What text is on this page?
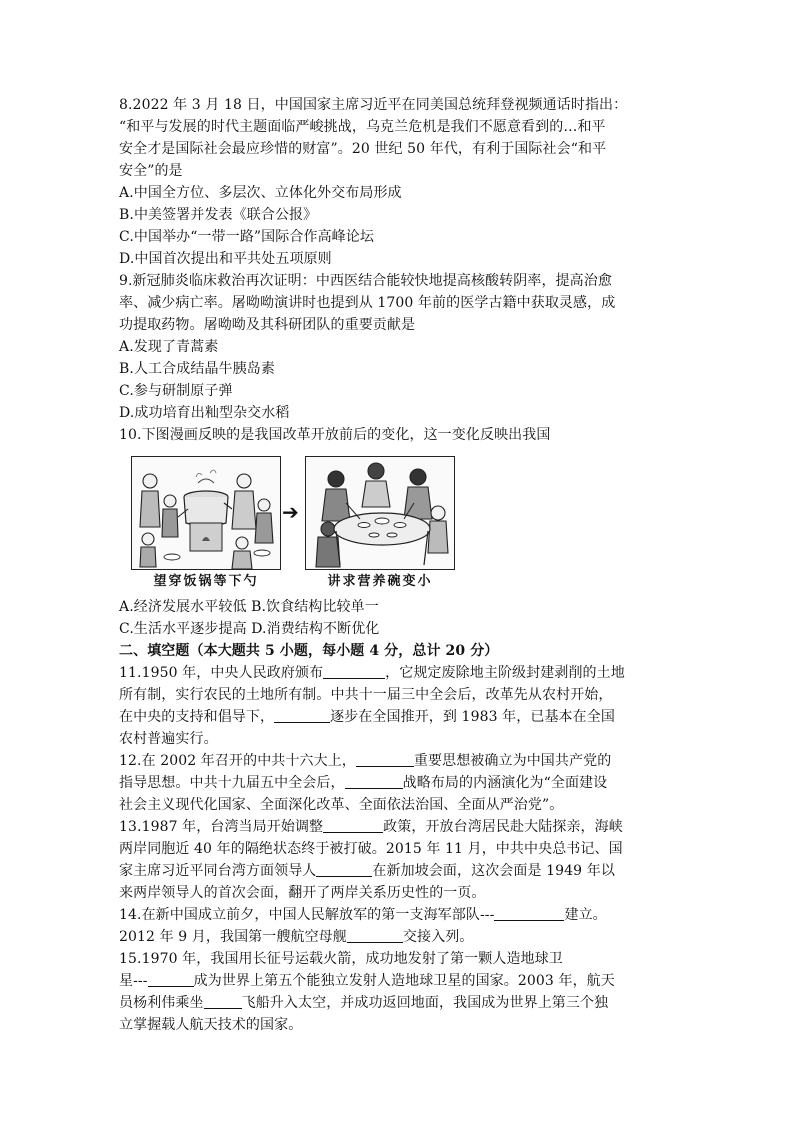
8.2022 年 3 月 18 日，中国国家主席习近平在同美国总统拜登视频通话时指出：
“和平与发展的时代主题面临严峻挑战，乌克兰危机是我们不愿意看到的…和平
安全才是国际社会最应珍惜的财富”。20 世纪 50 年代，有利于国际社会“和平
安全”的是
A.中国全方位、多层次、立体化外交布局形成
B.中美签署并发表《联合公报》
C.中国举办“一带一路”国际合作高峰论坛
D.中国首次提出和平共处五项原则
9.新冠肺炎临床救治再次证明：中西医结合能较快地提高核酸转阴率，提高治愈
率、减少病亡率。屠呦呦演讲时也提到从 1700 年前的医学古籍中获取灵感，成
功提取药物。屠呦呦及其科研团队的重要贡献是
A.发现了青蒿素
B.人工合成结晶牛胰岛素
C.参与研制原子弹
D.成功培育出籼型杂交水稻
10.下图漫画反映的是我国改革开放前后的变化，这一变化反映出我国
➔
望穿饭锅等下勺	讲求营养碗变小
A.经济发展水平较低 B.饮食结构比较单一
C.生活水平逐步提高 D.消费结构不断优化
二、填空题（本大题共 5 小题，每小题 4 分，总计 20 分）
11.1950 年，中央人民政府颁布	，它规定废除地主阶级封建剥削的土地
所有制，实行农民的土地所有制。中共十一届三中全会后，改革先从农村开始，
在中央的支持和倡导下，	逐步在全国推开，到 1983 年，已基本在全国
农村普遍实行。
12.在 2002 年召开的中共十六大上，	重要思想被确立为中国共产党的
指导思想。中共十九届五中全会后，	战略布局的内涵演化为“全面建设
社会主义现代化国家、全面深化改革、全面依法治国、全面从严治党”。
13.1987 年，台湾当局开始调整	政策，开放台湾居民赴大陆探亲，海峡
两岸同胞近 40 年的隔绝状态终于被打破。2015 年 11 月，中共中央总书记、国
家主席习近平同台湾方面领导人	在新加坡会面，这次会面是 1949 年以
来两岸领导人的首次会面，翻开了两岸关系历史性的一页。
14.在新中国成立前夕，中国人民解放军的第一支海军部队---	建立。
2012 年 9 月，我国第一艘航空母舰	交接入列。
15.1970 年，我国用长征号运载火箭，成功地发射了第一颗人造地球卫
星---	成为世界上第五个能独立发射人造地球卫星的国家。2003 年，航天
员杨利伟乘坐	飞船升入太空，并成功返回地面，我国成为世界上第三个独
立掌握载人航天技术的国家。
